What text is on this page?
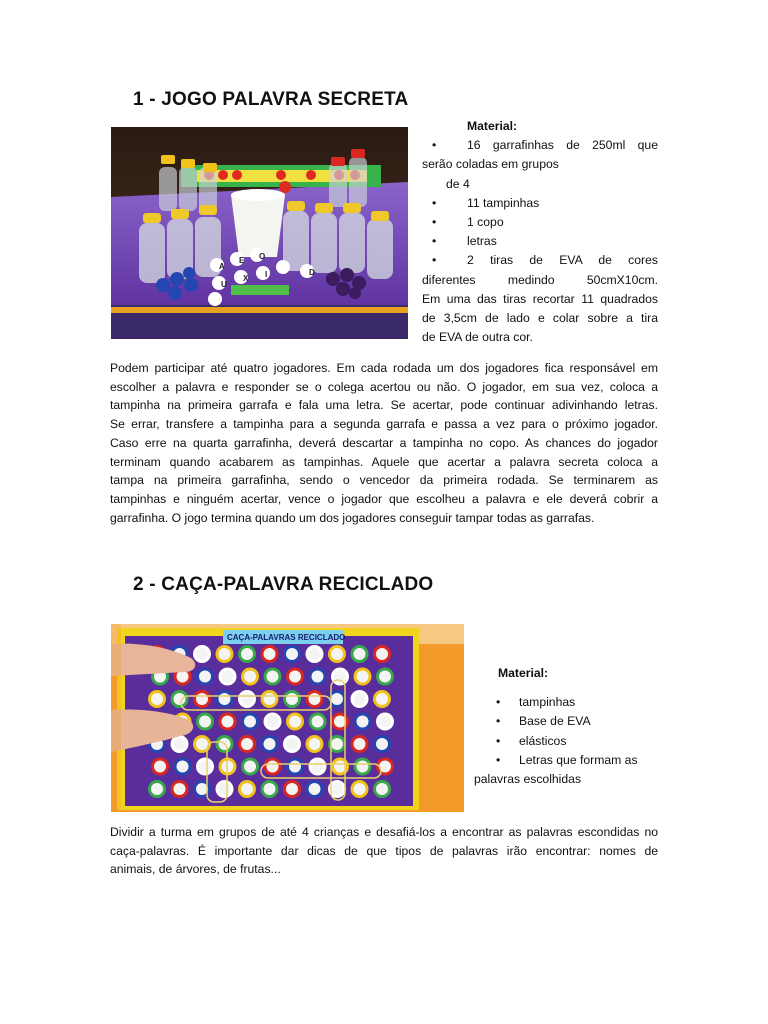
1 - JOGO PALAVRA SECRETA
A
E O
U
X I	D
Material:
•	16 garrafinhas de 250ml que
serão coladas em grupos
de 4
•	11 tampinhas
•	1 copo
•	letras
•	2 tiras de EVA de cores
diferentes medindo 50cmX10cm.
Em uma das tiras recortar 11 quadrados
de 3,5cm de lado e colar sobre a tira
de EVA de outra cor.
Podem participar até quatro jogadores. Em cada rodada um dos jogadores fica responsável em
escolher a palavra e responder se o colega acertou ou não. O jogador, em sua vez, coloca a
tampinha na primeira garrafa e fala uma letra. Se acertar, pode continuar adivinhando letras.
Se errar, transfere a tampinha para a segunda garrafa e passa a vez para o próximo jogador.
Caso erre na quarta garrafinha, deverá descartar a tampinha no copo. As chances do jogador
terminam quando acabarem as tampinhas. Aquele que acertar a palavra secreta coloca a
tampa na primeira garrafinha, sendo o vencedor da primeira rodada. Se terminarem as
tampinhas e ninguém acertar, vence o jogador que escolheu a palavra e ele deverá cobrir a
garrafinha. O jogo termina quando um dos jogadores conseguir tampar todas as garrafas.
2 - CAÇA-PALAVRA RECICLADO
CAÇA-PALAVRAS RECICLADO
Material:
• tampinhas
• Base de EVA
• elásticos
• Letras que formam as
palavras escolhidas
Dividir a turma em grupos de até 4 crianças e desafiá-los a encontrar as palavras escondidas no
caça-palavras. É importante dar dicas de que tipos de palavras irão encontrar: nomes de
animais, de árvores, de frutas...
